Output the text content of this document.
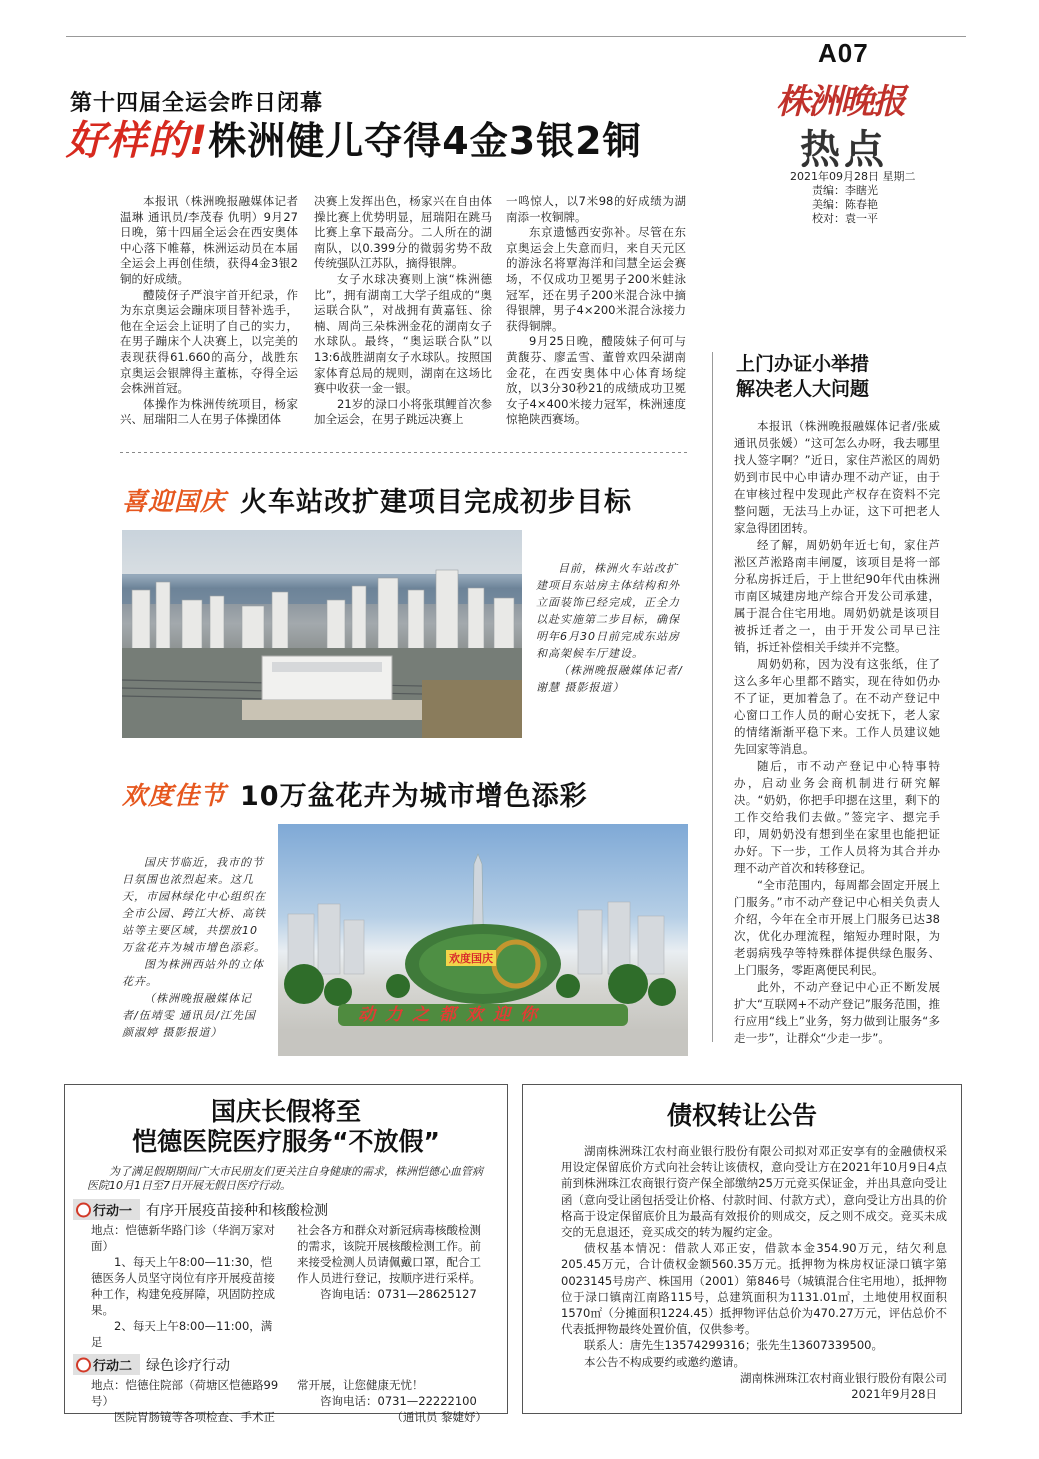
A07
株洲晚报
热点
2021年09月28日 星期二
责编：李瞎光
美编：陈春艳
校对：袁一平
第十四届全运会昨日闭幕
好样的!株洲健儿夺得4金3银2铜

本报讯（株洲晚报融媒体记者温琳 通讯员/李茂春 仇明）9月27日晚，第十四届全运会在西安奥体中心落下帷幕，株洲运动员在本届全运会上再创佳绩，获得4金3银2铜的好成绩。

醴陵伢子严浪宇首开纪录，作为东京奥运会蹦床项目替补选手，他在全运会上证明了自己的实力，在男子蹦床个人决赛上，以完美的表现获得61.660的高分，战胜东京奥运会银牌得主董栋，夺得全运会株洲首冠。

体操作为株洲传统项目，杨家兴、屈瑞阳二人在男子体操团体

决赛上发挥出色，杨家兴在自由体操比赛上优势明显，屈瑞阳在跳马比赛上拿下最高分。二人所在的湖南队，以0.399分的微弱劣势不敌传统强队江苏队，摘得银牌。

女子水球决赛则上演“株洲德比”，拥有湖南工大学子组成的“奥运联合队”，对战拥有黄嘉钰、徐楠、周尚三朵株洲金花的湖南女子水球队。最终，“奥运联合队”以13:6战胜湖南女子水球队。按照国家体育总局的规则，湖南在这场比赛中收获一金一银。

21岁的渌口小将张琪鲤首次参加全运会，在男子跳远决赛上

一鸣惊人，以7米98的好成绩为湖南添一枚铜牌。

东京遗憾西安弥补。尽管在东京奥运会上失意而归，来自天元区的游泳名将覃海洋和闫慧全运会赛场，不仅成功卫冕男子200米蛙泳冠军，还在男子200米混合泳中摘得银牌，男子4×200米混合泳接力获得铜牌。

9月25日晚，醴陵妹子何可与黄馥芬、廖孟雪、董曾欢四朵湖南金花，在西安奥体中心体育场绽放，以3分30秒21的成绩成功卫冕女子4×400米接力冠军，株洲速度惊艳陕西赛场。

喜迎国庆 火车站改扩建项目完成初步目标

目前，株洲火车站改扩建项目东站房主体结构和外立面装饰已经完成，正全力以赴实施第二步目标，确保明年6月30日前完成东站房和高架候车厅建设。

（株洲晚报融媒体记者/谢慧 摄影报道）

欢度佳节 10万盆花卉为城市增色添彩

国庆节临近，我市的节日氛围也浓烈起来。这几天，市园林绿化中心组织在全市公园、跨江大桥、高铁站等主要区域，共摆放10万盆花卉为城市增色添彩。

图为株洲西站外的立体花卉。

（株洲晚报融媒体记者/伍靖雯 通讯员/江先国 颜淑婷 摄影报道）

欢度国庆
动力之都欢迎你
上门办证小举措
解决老人大问题

本报讯（株洲晚报融媒体记者/张威 通讯员张媛）“这可怎么办呀，我去哪里找人签字啊？”近日，家住芦淞区的周奶奶到市民中心申请办理不动产证，由于在审核过程中发现此产权存在资料不完整问题，无法马上办证，这下可把老人家急得团团转。

经了解，周奶奶年近七旬，家住芦淞区芦淞路南丰闸厦，该项目是将一部分私房拆迁后，于上世纪90年代由株洲市南区城建房地产综合开发公司承建，属于混合住宅用地。周奶奶就是该项目被拆迁者之一，由于开发公司早已注销，拆迁补偿相关手续并不完整。

周奶奶称，因为没有这张纸，住了这么多年心里都不踏实，现在待如仍办不了证，更加着急了。在不动产登记中心窗口工作人员的耐心安抚下，老人家的情绪渐渐平稳下来。工作人员建议她先回家等消息。

随后，市不动产登记中心特事特办，启动业务会商机制进行研究解决。“奶奶，你把手印摁在这里，剩下的工作交给我们去做。”签完字、摁完手印，周奶奶没有想到坐在家里也能把证办好。下一步，工作人员将为其合并办理不动产首次和转移登记。

“全市范围内，每周都会固定开展上门服务。”市不动产登记中心相关负责人介绍，今年在全市开展上门服务已达38次，优化办理流程，缩短办理时限，为老弱病残孕等特殊群体提供绿色服务、上门服务，零距离便民利民。

此外，不动产登记中心正不断发展扩大“互联网+不动产登记”服务范围，推行应用“线上”业务，努力做到让服务“多走一步”，让群众“少走一步”。

国庆长假将至
恺德医院医疗服务“不放假”
为了满足假期期间广大市民朋友们更关注自身健康的需求，株洲恺德心血管病医院10月1日至7日开展无假日医疗行动。
行动一	有序开展疫苗接种和核酸检测
地点：恺德新华路门诊（华润万家对面）
1、每天上午8:00—11:30，恺德医务人员坚守岗位有序开展疫苗接种工作，构建免疫屏障，巩固防控成果。
2、每天上午8:00—11:00，满足
社会各方和群众对新冠病毒核酸检测的需求，该院开展核酸检测工作。前来接受检测人员请佩戴口罩，配合工作人员进行登记，按顺序进行采样。
咨询电话：0731—28625127
行动二	绿色诊疗行动
地点：恺德住院部（荷塘区恺德路99号）
医院胃肠镜等各项检查、手术正
常开展，让您健康无忧！
咨询电话：0731—22222100
（通讯员 黎婕妤）
债权转让公告

湖南株洲珠江农村商业银行股份有限公司拟对邓正安享有的金融债权采用设定保留底价方式向社会转让该债权，意向受让方在2021年10月9日4点前到株洲珠江农商银行资产保全部缴纳25万元竞买保证金，并出具意向受让函（意向受让函包括受让价格、付款时间、付款方式），意向受让方出具的价格高于设定保留底价且为最高有效报价的则成交，反之则不成交。竞买未成交的无息退还，竞买成交的转为履约定金。

债权基本情况：借款人邓正安，借款本金354.90万元，结欠利息205.45万元，合计债权金额560.35万元。抵押物为株房权证渌口镇字第0023145号房产、株国用（2001）第846号（城镇混合住宅用地），抵押物位于渌口镇南江南路115号，总建筑面积为1131.01㎡，土地使用权面积1570㎡（分摊面积1224.45）抵押物评估总价为470.27万元，评估总价不代表抵押物最终处置价值，仅供参考。

联系人：唐先生13574299316；张先生13607339500。

本公告不构成要约或邀约邀请。

湖南株洲珠江农村商业银行股份有限公司

2021年9月28日
